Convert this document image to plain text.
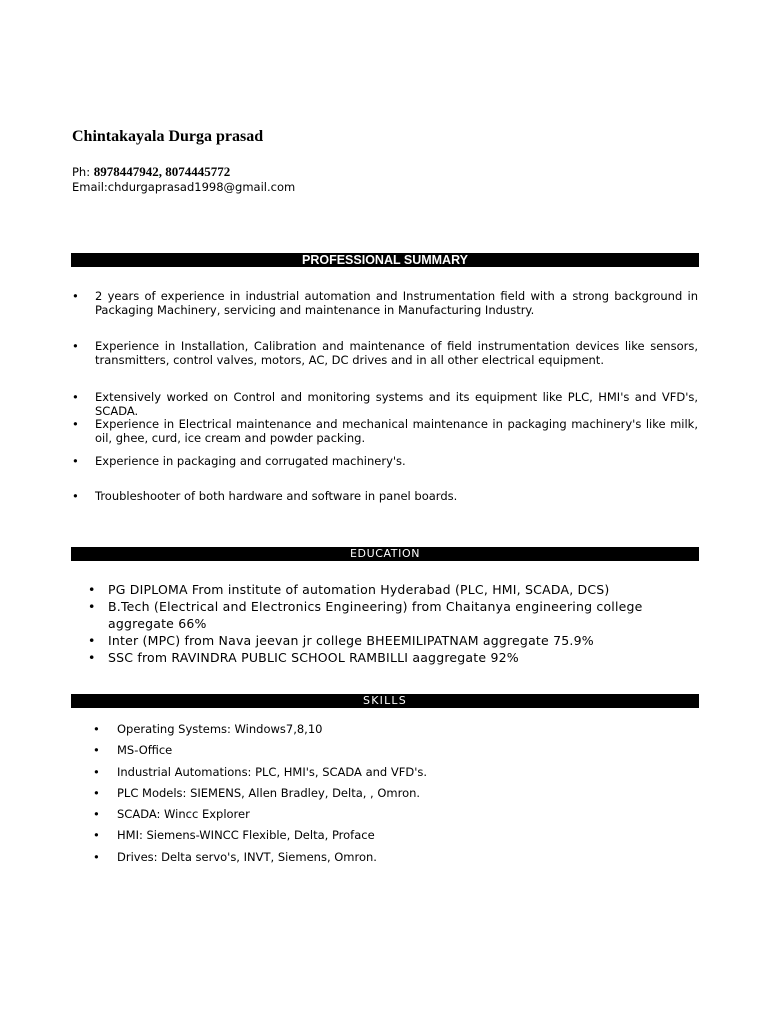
Chintakayala Durga prasad
Ph: 8978447942, 8074445772
Email:chdurgaprasad1998@gmail.com
PROFESSIONAL SUMMARY
• 2 years of experience in industrial automation and Instrumentation field with a strong background in Packaging Machinery, servicing and maintenance in Manufacturing Industry.
• Experience in Installation, Calibration and maintenance of field instrumentation devices like sensors, transmitters, control valves, motors, AC, DC drives and in all other electrical equipment.
• Extensively worked on Control and monitoring systems and its equipment like PLC, HMI's and VFD's, SCADA.
• Experience in Electrical maintenance and mechanical maintenance in packaging machinery's like milk, oil, ghee, curd, ice cream and powder packing.
• Experience in packaging and corrugated machinery's.
• Troubleshooter of both hardware and software in panel boards.
EDUCATION
• PG DIPLOMA From institute of automation Hyderabad (PLC, HMI, SCADA, DCS)
• B.Tech (Electrical and Electronics Engineering) from Chaitanya engineering college aggregate 66%
• Inter (MPC) from Nava jeevan jr college BHEEMILIPATNAM aggregate 75.9%
• SSC from RAVINDRA PUBLIC SCHOOL RAMBILLI aaggregate 92%
SKILLS
• Operating Systems: Windows7,8,10
• MS-Office
• Industrial Automations: PLC, HMI's, SCADA and VFD's.
• PLC Models: SIEMENS, Allen Bradley, Delta, , Omron.
• SCADA: Wincc Explorer
• HMI: Siemens-WINCC Flexible, Delta, Proface
• Drives: Delta servo's, INVT, Siemens, Omron.
